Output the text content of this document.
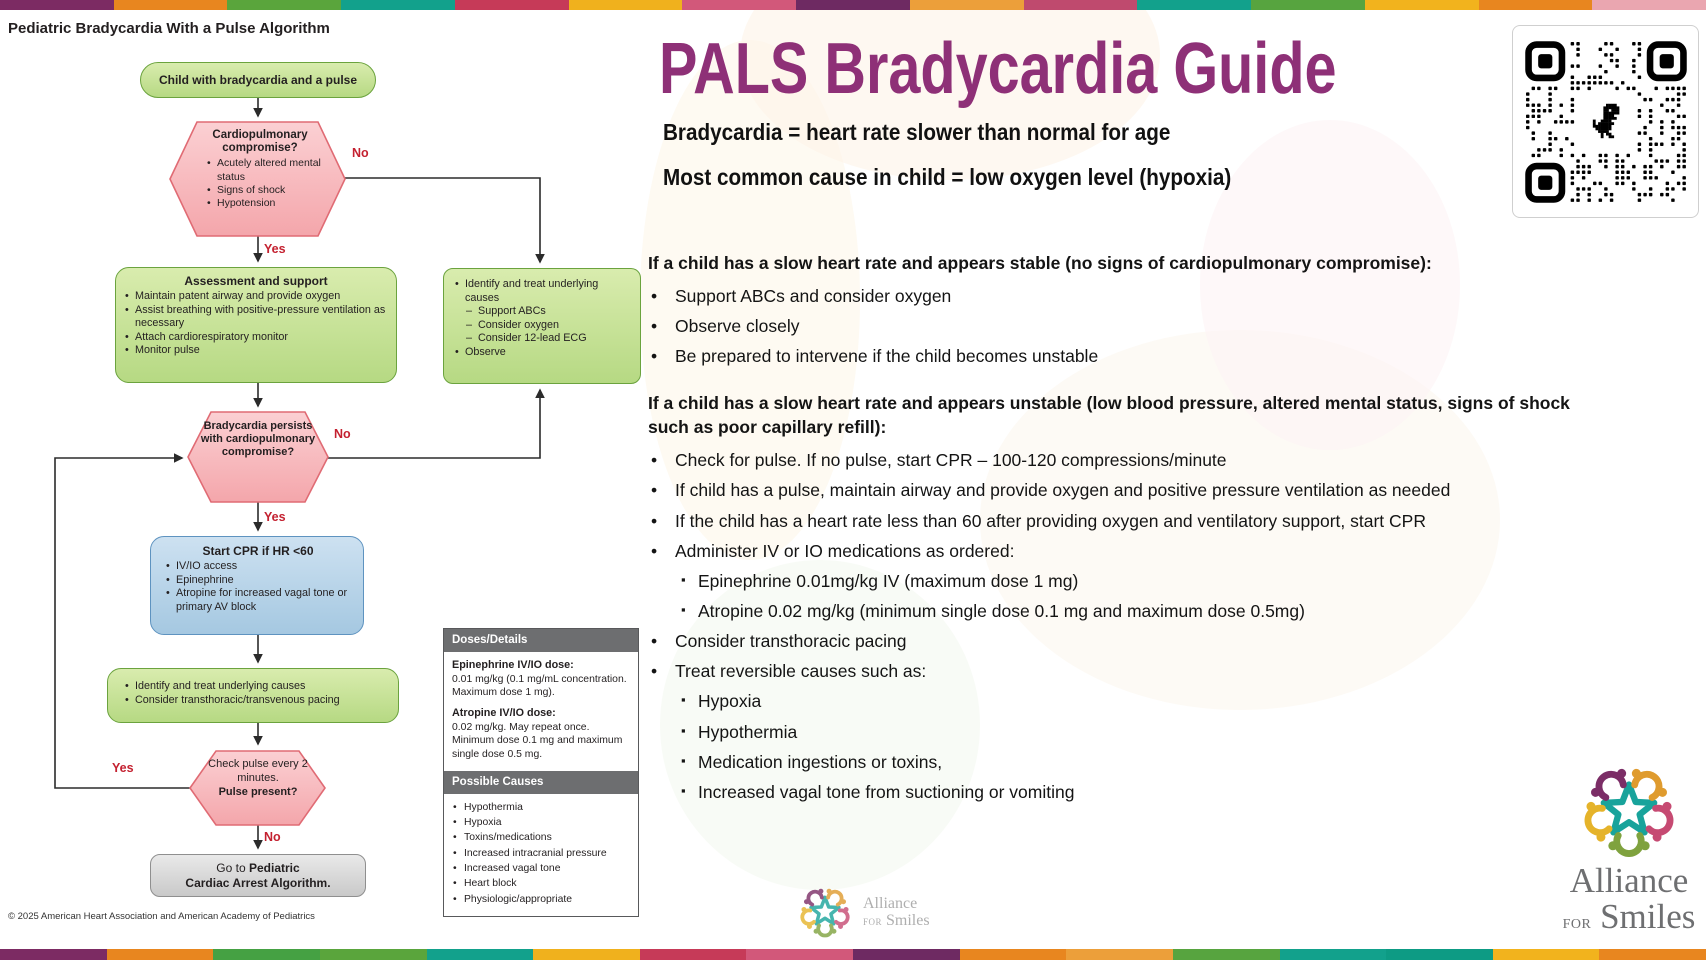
Pediatric Bradycardia With a Pulse Algorithm
Child with bradycardia and a pulse
Cardiopulmonary compromise?
• Acutely altered mental status
• Signs of shock
• Hypotension
No
Yes
Assessment and support
• Maintain patent airway and provide oxygen
• Assist breathing with positive-pressure ventilation as necessary
• Attach cardiorespiratory monitor
• Monitor pulse
• Identify and treat underlying causes
– Support ABCs
– Consider oxygen
– Consider 12-lead ECG
• Observe
Bradycardia persists with cardiopulmonary compromise?
No
Yes
Start CPR if HR <60
• IV/IO access
• Epinephrine
• Atropine for increased vagal tone or primary AV block
• Identify and treat underlying causes
• Consider transthoracic/transvenous pacing
Check pulse every 2 minutes.
Pulse present?
Yes
No
Go to Pediatric
Cardiac Arrest Algorithm.
Doses/Details
Epinephrine IV/IO dose:
0.01 mg/kg (0.1 mg/mL concentration. Maximum dose 1 mg).
Atropine IV/IO dose:
0.02 mg/kg. May repeat once. Minimum dose 0.1 mg and maximum single dose 0.5 mg.
Possible Causes
• Hypothermia
• Hypoxia
• Toxins/medications
• Increased intracranial pressure
• Increased vagal tone
• Heart block
• Physiologic/appropriate
© 2025 American Heart Association and American Academy of Pediatrics
PALS Bradycardia Guide
Bradycardia = heart rate slower than normal for age
Most common cause in child = low oxygen level (hypoxia)
If a child has a slow heart rate and appears stable (no signs of cardiopulmonary compromise):
• Support ABCs and consider oxygen
• Observe closely
• Be prepared to intervene if the child becomes unstable
If a child has a slow heart rate and appears unstable (low blood pressure, altered mental status, signs of shock such as poor capillary refill):
• Check for pulse. If no pulse, start CPR – 100-120 compressions/minute
• If child has a pulse, maintain airway and provide oxygen and positive pressure ventilation as needed
• If the child has a heart rate less than 60 after providing oxygen and ventilatory support, start CPR
• Administer IV or IO medications as ordered:
▪ Epinephrine 0.01mg/kg IV (maximum dose 1 mg)
▪ Atropine 0.02 mg/kg (minimum single dose 0.1 mg and maximum dose 0.5mg)
• Consider transthoracic pacing
• Treat reversible causes such as:
▪ Hypoxia
▪ Hypothermia
▪ Medication ingestions or toxins,
▪ Increased vagal tone from suctioning or vomiting
Alliance
FOR Smiles
Alliance
FOR Smiles
